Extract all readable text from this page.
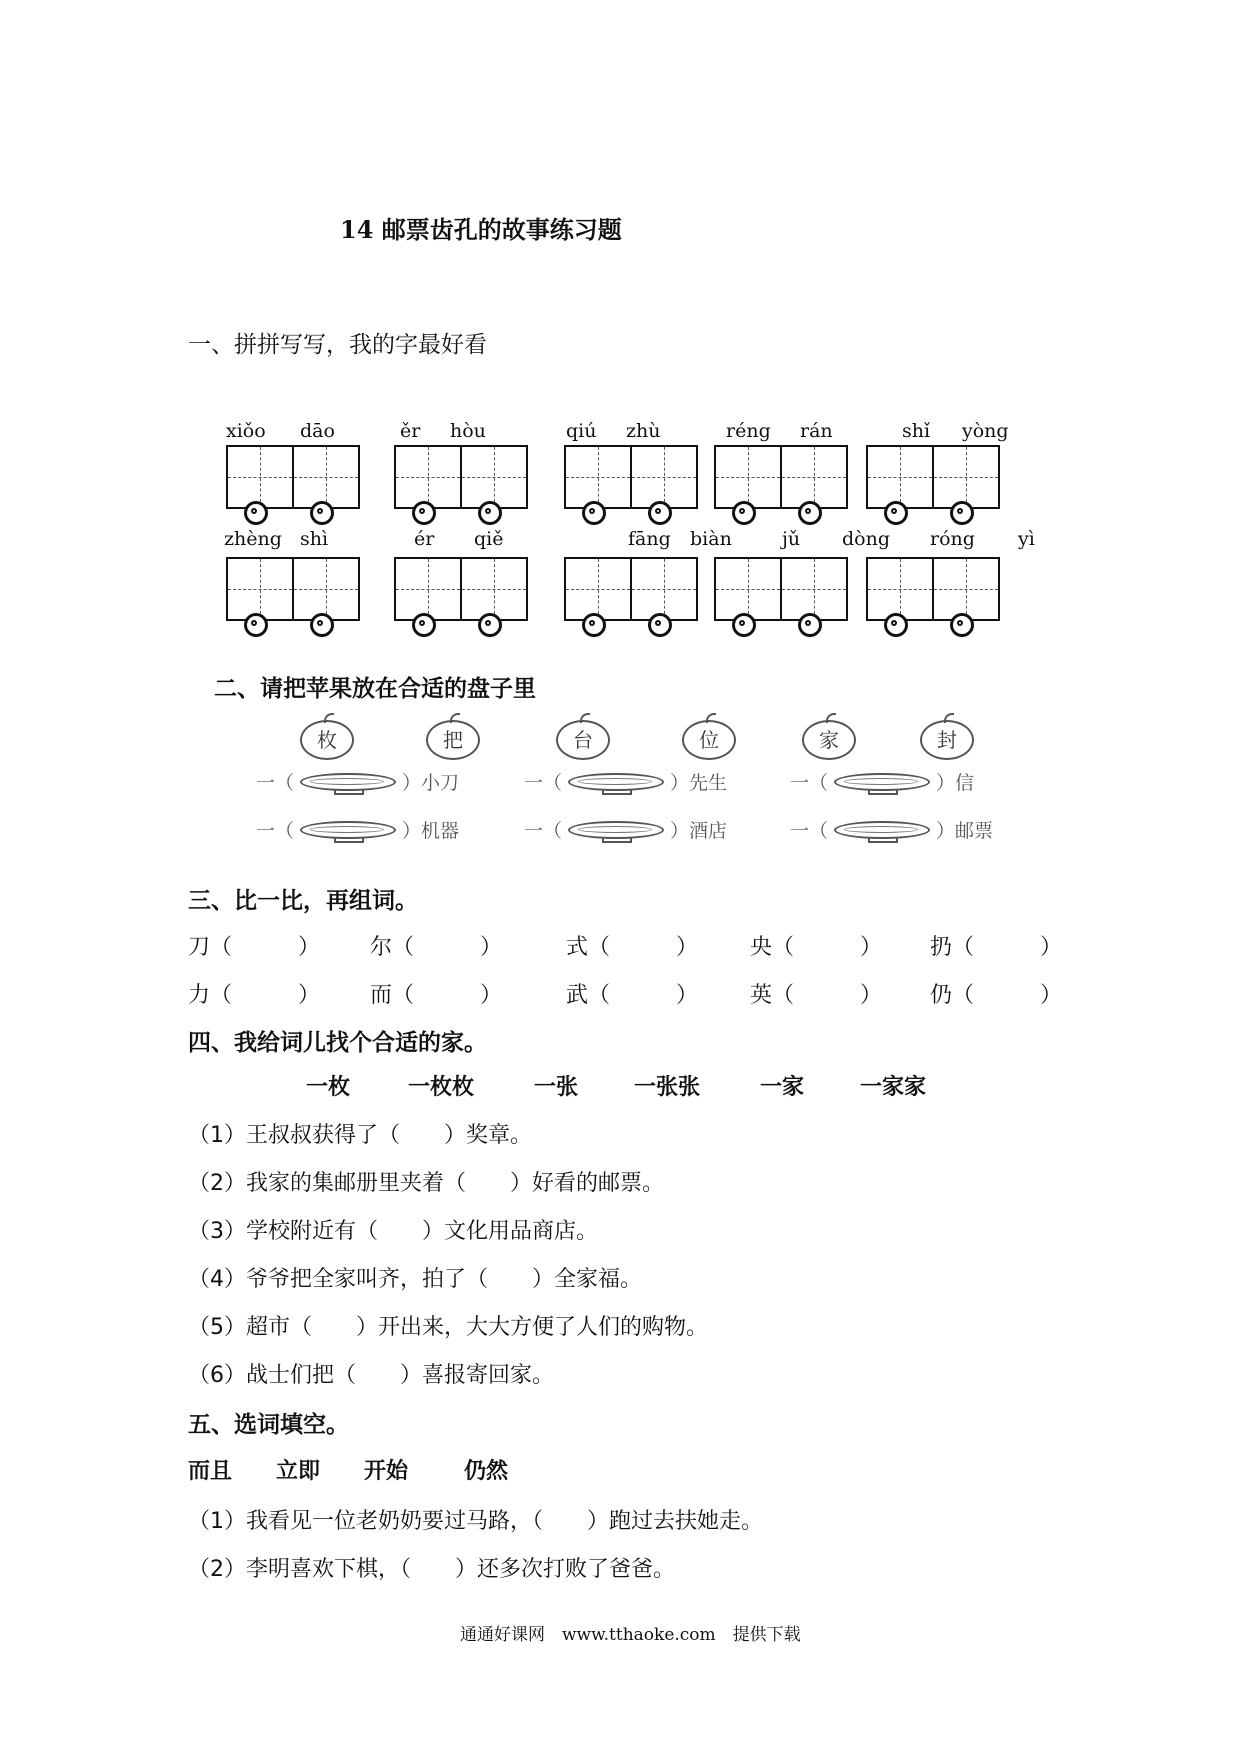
14 邮票齿孔的故事练习题
一、拼拼写写，我的字最好看
xiǒo dāo	ěr hòu	qiú zhù	réng rán	shǐ yòng
zhèng shì	ér qiě	fāng biàn	jǔ dòng róng yì
二、请把苹果放在合适的盘子里
枚	把	台	位	家	封
一（	）小刀	一（	）先生	一（	）信
一（	）机器	一（	）酒店	一（	）邮票
三、比一比，再组词。
刀（	） 尔（	）	式（	） 央（	） 扔（	）
力（	） 而（	）	武（	） 英（	） 仍（	）
四、我给词儿找个合适的家。
一枚	一枚枚	一张	一张张	一家	一家家
（1）王叔叔获得了（　　）奖章。
（2）我家的集邮册里夹着（　　）好看的邮票。
（3）学校附近有（　　）文化用品商店。
（4）爷爷把全家叫齐，拍了（　　）全家福。
（5）超市（　　）开出来，大大方便了人们的购物。
（6）战士们把（　　）喜报寄回家。
五、选词填空。
而且 立即 开始	仍然
（1）我看见一位老奶奶要过马路，（　　）跑过去扶她走。
（2）李明喜欢下棋，（　　）还多次打败了爸爸。
通通好课网　www.tthaoke.com　提供下载
